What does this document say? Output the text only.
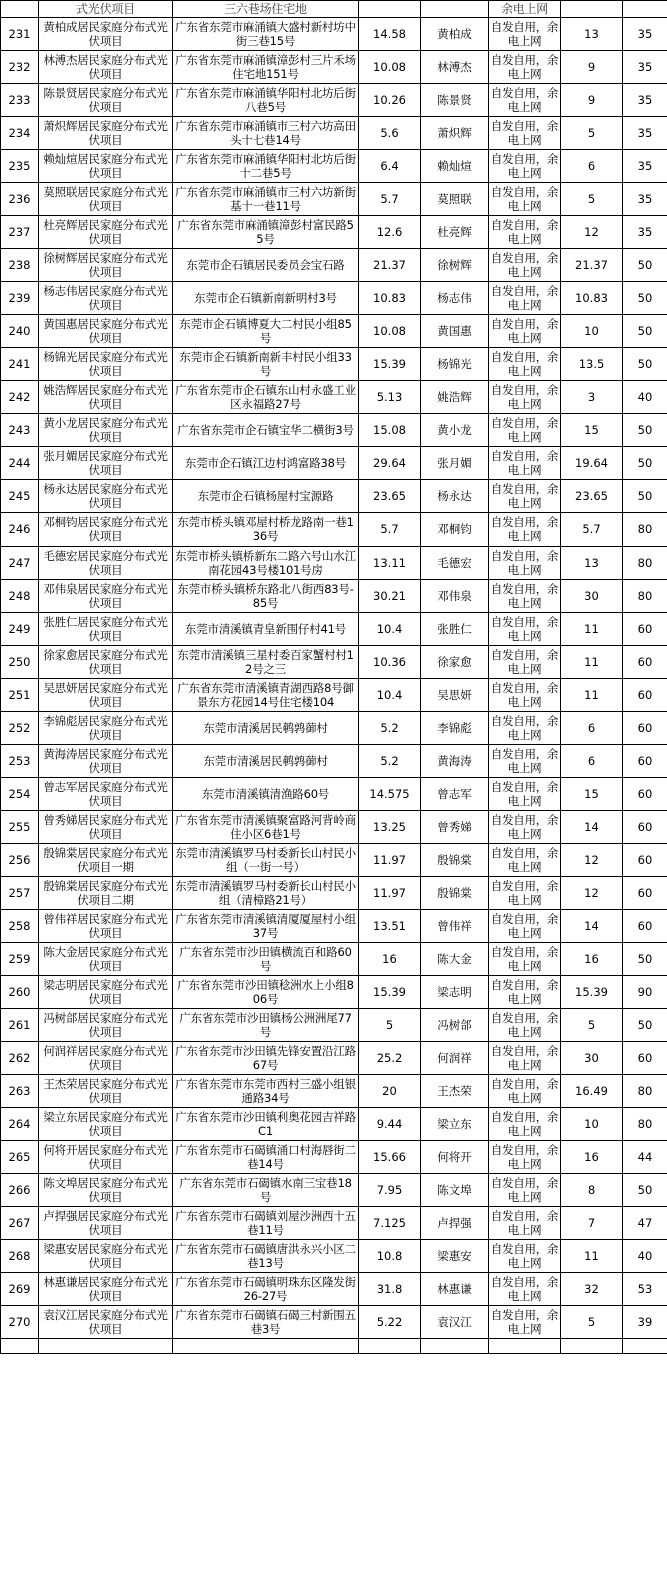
	式光伏项目	三六巷场住宅地			余电上网		
231	黄柏成居民家庭分布式光伏项目	广东省东莞市麻涌镇大盛村新村坊中街三巷15号	14.58	黄柏成	自发自用，余电上网	13	35
232	林溥杰居民家庭分布式光伏项目	广东省东莞市麻涌镇漳彭村三片禾场住宅地151号	10.08	林溥杰	自发自用，余电上网	9	35
233	陈景贤居民家庭分布式光伏项目	广东省东莞市麻涌镇华阳村北坊后街八巷5号	10.26	陈景贤	自发自用，余电上网	9	35
234	萧炽辉居民家庭分布式光伏项目	广东省东莞市麻涌镇市三村六坊高田头十七巷14号	5.6	萧炽辉	自发自用，余电上网	5	35
235	赖灿煊居民家庭分布式光伏项目	广东省东莞市麻涌镇华阳村北坊后街十二巷5号	6.4	赖灿煊	自发自用，余电上网	6	35
236	莫照联居民家庭分布式光伏项目	广东省东莞市麻涌镇市三村六坊新街基十一巷11号	5.7	莫照联	自发自用，余电上网	5	35
237	杜亮辉居民家庭分布式光伏项目	广东省东莞市麻涌镇漳彭村富民路55号	12.6	杜亮辉	自发自用，余电上网	12	35
238	徐树辉居民家庭分布式光伏项目	东莞市企石镇居民委员会宝石路	21.37	徐树辉	自发自用，余电上网	21.37	50
239	杨志伟居民家庭分布式光伏项目	东莞市企石镇新南新明村3号	10.83	杨志伟	自发自用，余电上网	10.83	50
240	黄国惠居民家庭分布式光伏项目	东莞市企石镇博夏大二村民小组85号	10.08	黄国惠	自发自用，余电上网	10	50
241	杨锦光居民家庭分布式光伏项目	东莞市企石镇新南新丰村民小组33号	15.39	杨锦光	自发自用，余电上网	13.5	50
242	姚浩辉居民家庭分布式光伏项目	广东省东莞市企石镇东山村永盛工业区永福路27号	5.13	姚浩辉	自发自用，余电上网	3	40
243	黄小龙居民家庭分布式光伏项目	广东省东莞市企石镇宝华二横街3号	15.08	黄小龙	自发自用，余电上网	15	50
244	张月媚居民家庭分布式光伏项目	东莞市企石镇江边村鸿富路38号	29.64	张月媚	自发自用，余电上网	19.64	50
245	杨永达居民家庭分布式光伏项目	东莞市企石镇杨屋村宝源路	23.65	杨永达	自发自用，余电上网	23.65	50
246	邓桐钧居民家庭分布式光伏项目	东莞市桥头镇邓屋村桥龙路南一巷136号	5.7	邓桐钧	自发自用，余电上网	5.7	80
247	毛德宏居民家庭分布式光伏项目	东莞市桥头镇桥新东二路六号山水江南花园43号楼101号房	13.11	毛德宏	自发自用，余电上网	13	80
248	邓伟泉居民家庭分布式光伏项目	东莞市桥头镇桥东路北八街西83号-85号	30.21	邓伟泉	自发自用，余电上网	30	80
249	张胜仁居民家庭分布式光伏项目	东莞市清溪镇青皇新围仔村41号	10.4	张胜仁	自发自用，余电上网	11	60
250	徐家愈居民家庭分布式光伏项目	东莞市清溪镇三星村委百家蟹村村12号之三	10.36	徐家愈	自发自用，余电上网	11	60
251	吴思妍居民家庭分布式光伏项目	广东省东莞市清溪镇青湖西路8号御景东方花园14号住宅楼104	10.4	吴思妍	自发自用，余电上网	11	60
252	李锦彪居民家庭分布式光伏项目	东莞市清溪居民鹌鹑蓹村	5.2	李锦彪	自发自用，余电上网	6	60
253	黄海涛居民家庭分布式光伏项目	东莞市清溪居民鹌鹑蓹村	5.2	黄海涛	自发自用，余电上网	6	60
254	曾志军居民家庭分布式光伏项目	东莞市清溪镇清渔路60号	14.575	曾志军	自发自用，余电上网	15	60
255	曾秀娣居民家庭分布式光伏项目	广东省东莞市清溪镇聚富路河背岭商住小区6巷1号	13.25	曾秀娣	自发自用，余电上网	14	60
256	殷锦棠居民家庭分布式光伏项目一期	东莞市清溪镇罗马村委新长山村民小组（一街一号）	11.97	殷锦棠	自发自用，余电上网	12	60
257	殷锦棠居民家庭分布式光伏项目二期	东莞市清溪镇罗马村委新长山村民小组（清樟路21号）	11.97	殷锦棠	自发自用，余电上网	12	60
258	曾伟祥居民家庭分布式光伏项目	广东省东莞市清溪镇清厦厦屋村小组37号	13.51	曾伟祥	自发自用，余电上网	14	60
259	陈大金居民家庭分布式光伏项目	广东省东莞市沙田镇横流百和路60号	16	陈大金	自发自用，余电上网	16	50
260	梁志明居民家庭分布式光伏项目	广东省东莞市沙田镇稔洲水上小组806号	15.39	梁志明	自发自用，余电上网	15.39	90
261	冯树郃居民家庭分布式光伏项目	广东省东莞市沙田镇杨公洲洲尾77号	5	冯树郃	自发自用，余电上网	5	50
262	何润祥居民家庭分布式光伏项目	广东省东莞市沙田镇先锋安置沿江路67号	25.2	何润祥	自发自用，余电上网	30	60
263	王杰荣居民家庭分布式光伏项目	广东省东莞市东莞市西村三盛小组银通路34号	20	王杰荣	自发自用，余电上网	16.49	80
264	梁立东居民家庭分布式光伏项目	广东省东莞市沙田镇利奥花园吉祥路C1	9.44	梁立东	自发自用，余电上网	10	80
265	何将开居民家庭分布式光伏项目	广东省东莞市石碣镇涌口村海唇街二巷14号	15.66	何将开	自发自用，余电上网	16	44
266	陈文埠居民家庭分布式光伏项目	广东省东莞市石碣镇水南三宝巷18号	7.95	陈文埠	自发自用，余电上网	8	50
267	卢捍强居民家庭分布式光伏项目	广东省东莞市石碣镇刘屋沙洲西十五巷11号	7.125	卢捍强	自发自用，余电上网	7	47
268	梁惠安居民家庭分布式光伏项目	广东省东莞市石碣镇唐洪永兴小区二巷13号	10.8	梁惠安	自发自用，余电上网	11	40
269	林惠谦居民家庭分布式光伏项目	广东省东莞市石碣镇明珠东区隆发街26-27号	31.8	林惠谦	自发自用，余电上网	32	53
270	袁汉江居民家庭分布式光伏项目	广东省东莞市石碣镇石碣三村新围五巷3号	5.22	袁汉江	自发自用，余电上网	5	39
